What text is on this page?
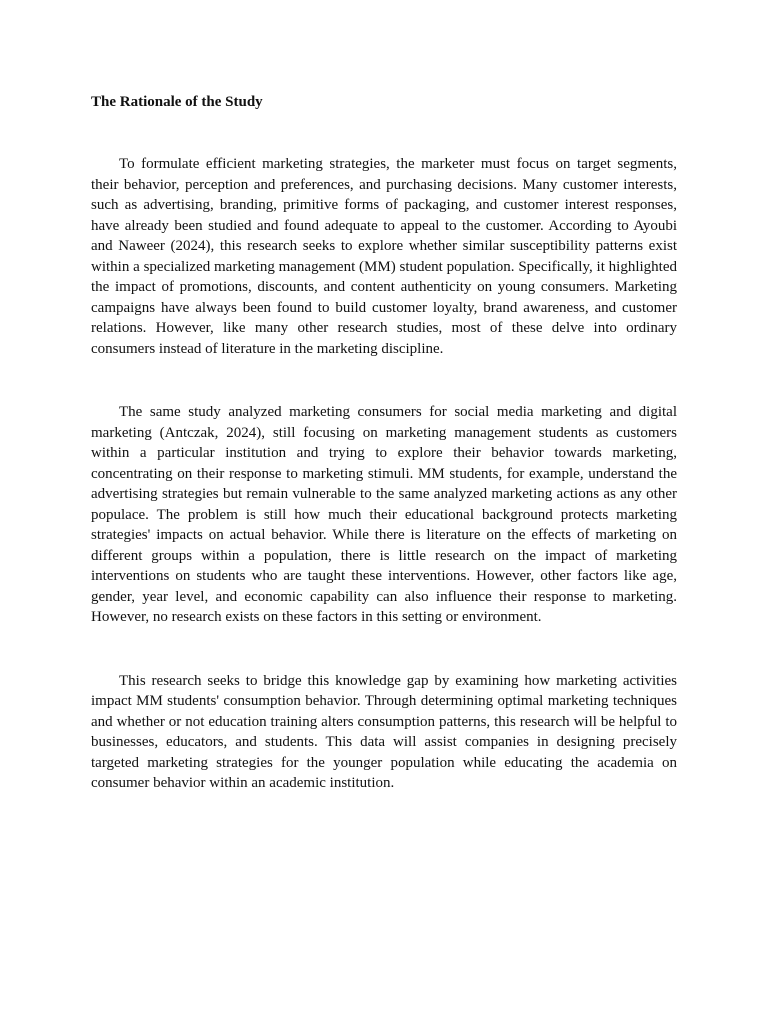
The Rationale of the Study

To formulate efficient marketing strategies, the marketer must focus on target segments, their behavior, perception and preferences, and purchasing decisions. Many customer interests, such as advertising, branding, primitive forms of packaging, and customer interest responses, have already been studied and found adequate to appeal to the customer. According to Ayoubi and Naweer (2024), this research seeks to explore whether similar susceptibility patterns exist within a specialized marketing management (MM) student population. Specifically, it highlighted the impact of promotions, discounts, and content authenticity on young consumers. Marketing campaigns have always been found to build customer loyalty, brand awareness, and customer relations. However, like many other research studies, most of these delve into ordinary consumers instead of literature in the marketing discipline.

The same study analyzed marketing consumers for social media marketing and digital marketing (Antczak, 2024), still focusing on marketing management students as customers within a particular institution and trying to explore their behavior towards marketing, concentrating on their response to marketing stimuli. MM students, for example, understand the advertising strategies but remain vulnerable to the same analyzed marketing actions as any other populace. The problem is still how much their educational background protects marketing strategies' impacts on actual behavior. While there is literature on the effects of marketing on different groups within a population, there is little research on the impact of marketing interventions on students who are taught these interventions. However, other factors like age, gender, year level, and economic capability can also influence their response to marketing. However, no research exists on these factors in this setting or environment.

This research seeks to bridge this knowledge gap by examining how marketing activities impact MM students' consumption behavior. Through determining optimal marketing techniques and whether or not education training alters consumption patterns, this research will be helpful to businesses, educators, and students. This data will assist companies in designing precisely targeted marketing strategies for the younger population while educating the academia on consumer behavior within an academic institution.
